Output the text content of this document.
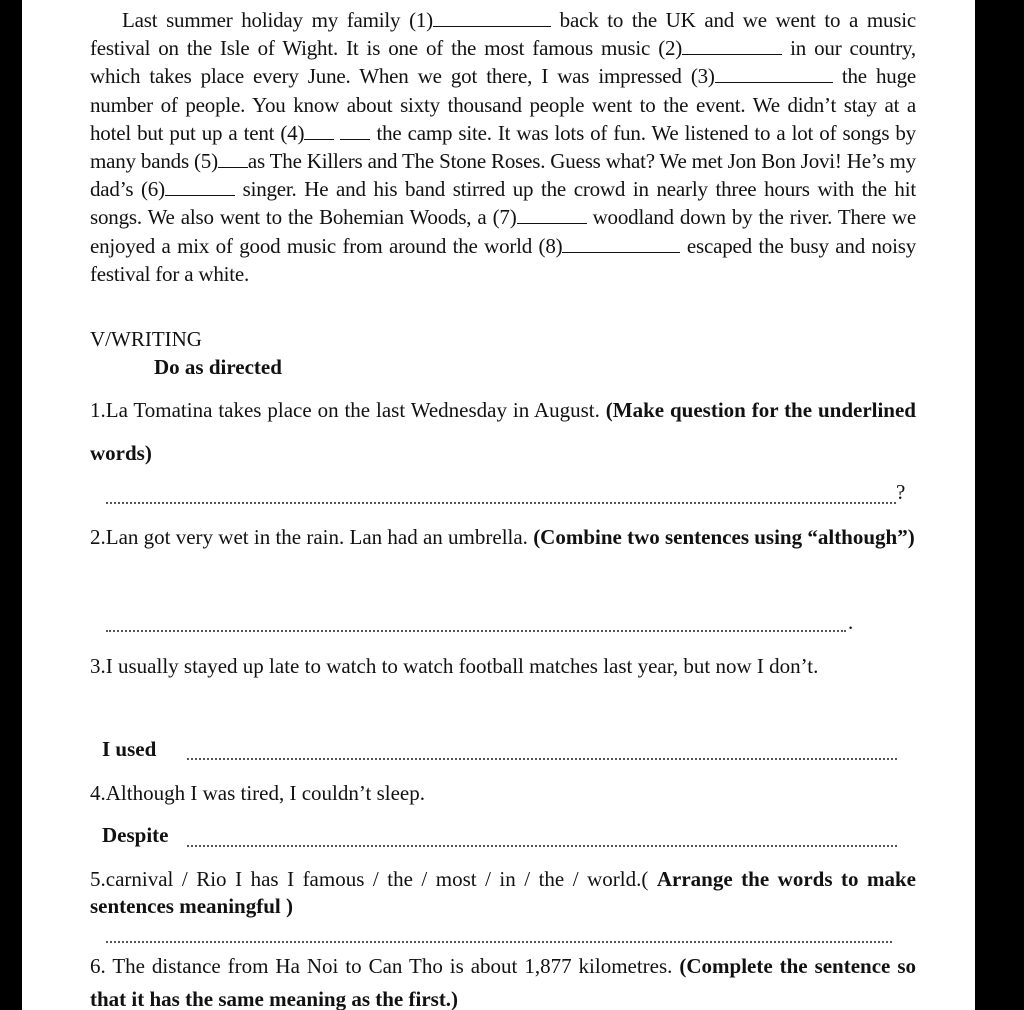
Last summer holiday my family (1)	back to the UK and we went to a music festival on the Isle of Wight. It is one of the most famous music (2)	in our country, which takes place every June. When we got there, I was impressed (3)	the huge number of people. You know about sixty thousand people went to the event. We didn’t stay at a hotel but put up a tent (4)	the camp site. It was lots of fun. We listened to a lot of songs by many bands (5) as The Killers and The Stone Roses. Guess what? We met Jon Bon Jovi! He’s my dad’s (6)	singer. He and his band stirred up the crowd in nearly three hours with the hit songs. We also went to the Bohemian Woods, a (7)	woodland down by the river. There we enjoyed a mix of good music from around the world (8)	escaped the busy and noisy festival for a white.

V/WRITING
Do as directed
1.La Tomatina takes place on the last Wednesday in August. (Make question for the underlined words)
?
2.Lan got very wet in the rain. Lan had an umbrella. (Combine two sentences using “although”)
.
3.I usually stayed up late to watch to watch football matches last year, but now I don’t.
I used
4.Although I was tired, I couldn’t sleep.
Despite
5.carnival / Rio I has I famous / the / most / in / the / world.( Arrange the words to make sentences meaningful )
6. The distance from Ha Noi to Can Tho is about 1,877 kilometres. (Complete the sentence so that it has the same meaning as the first.)
